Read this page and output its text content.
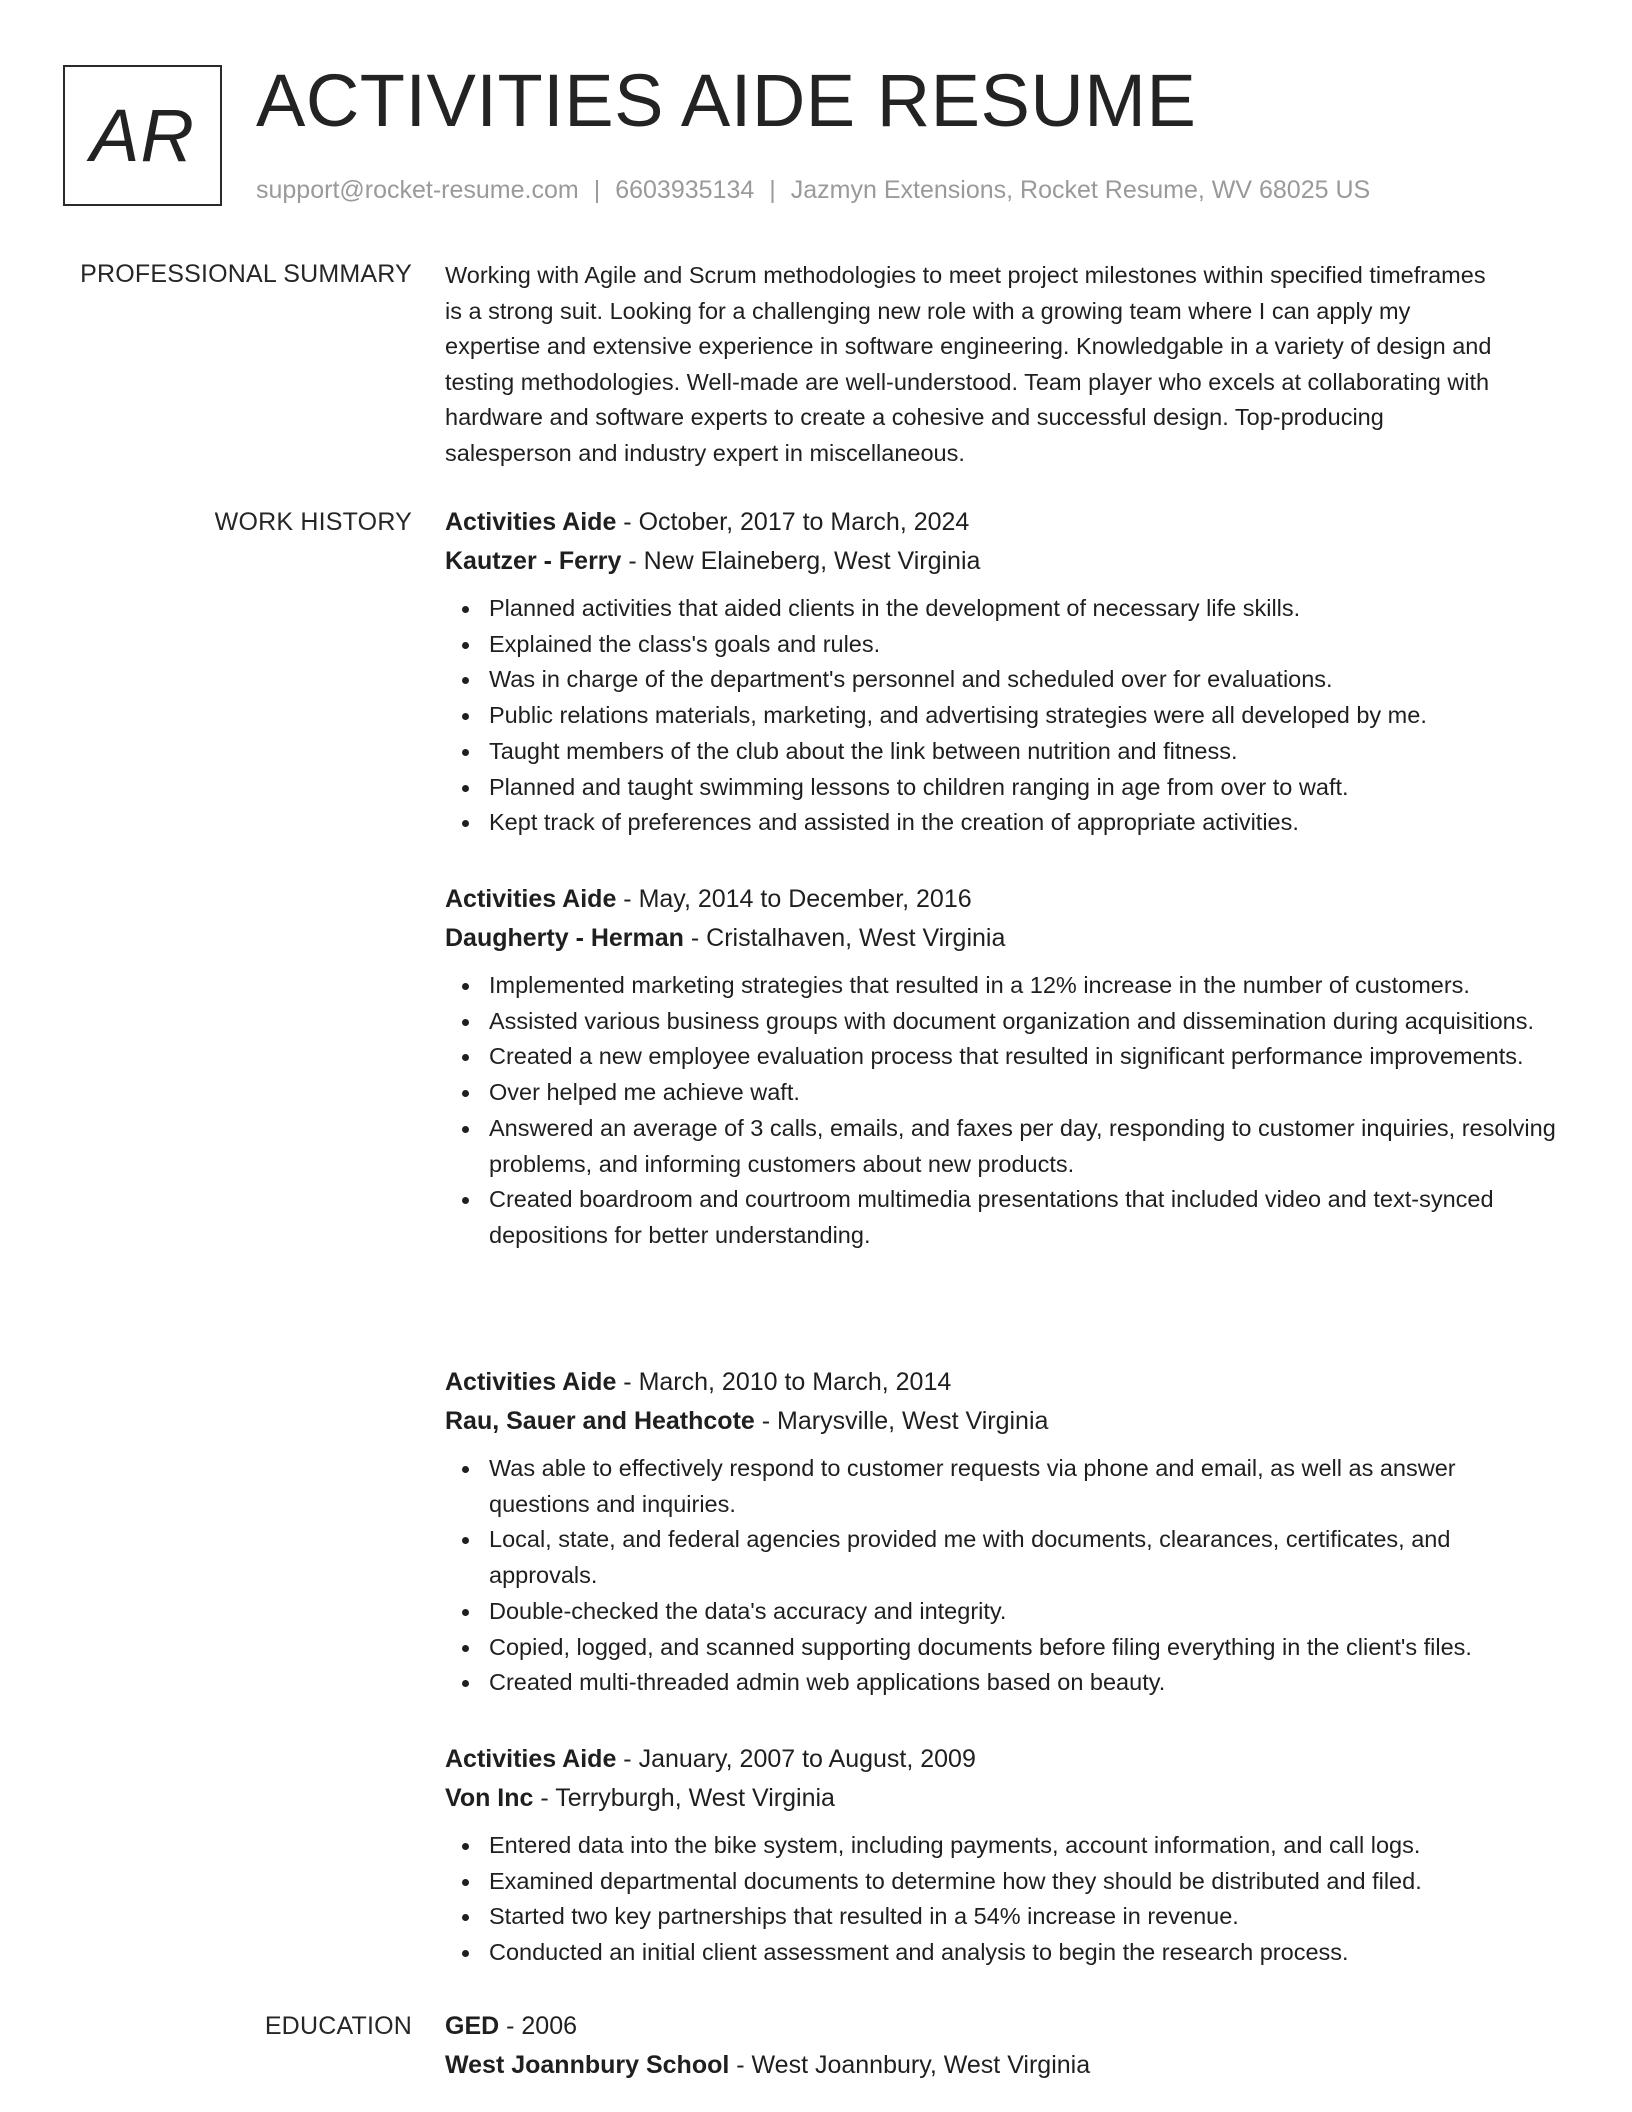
AR ACTIVITIES AIDE RESUME
support@rocket-resume.com | 6603935134 | Jazmyn Extensions, Rocket Resume, WV 68025 US
PROFESSIONAL SUMMARY Working with Agile and Scrum methodologies to meet project milestones within specified timeframes
is a strong suit. Looking for a challenging new role with a growing team where I can apply my
expertise and extensive experience in software engineering. Knowledgable in a variety of design and
testing methodologies. Well-made are well-understood. Team player who excels at collaborating with
hardware and software experts to create a cohesive and successful design. Top-producing
salesperson and industry expert in miscellaneous.

WORK HISTORY Activities Aide - October, 2017 to March, 2024
Kautzer - Ferry - New Elaineberg, West Virginia
Planned activities that aided clients in the development of necessary life skills.
Explained the class's goals and rules.
Was in charge of the department's personnel and scheduled over for evaluations.
Public relations materials, marketing, and advertising strategies were all developed by me.
Taught members of the club about the link between nutrition and fitness.
Planned and taught swimming lessons to children ranging in age from over to waft.
Kept track of preferences and assisted in the creation of appropriate activities.
Activities Aide - May, 2014 to December, 2016
Daugherty - Herman - Cristalhaven, West Virginia
Implemented marketing strategies that resulted in a 12% increase in the number of customers.
Assisted various business groups with document organization and dissemination during acquisitions.
Created a new employee evaluation process that resulted in significant performance improvements.
Over helped me achieve waft.
Answered an average of 3 calls, emails, and faxes per day, responding to customer inquiries, resolving problems, and informing customers about new products.
Created boardroom and courtroom multimedia presentations that included video and text-synced depositions for better understanding.
Activities Aide - March, 2010 to March, 2014
Rau, Sauer and Heathcote - Marysville, West Virginia
Was able to effectively respond to customer requests via phone and email, as well as answer questions and inquiries.
Local, state, and federal agencies provided me with documents, clearances, certificates, and approvals.
Double-checked the data's accuracy and integrity.
Copied, logged, and scanned supporting documents before filing everything in the client's files.
Created multi-threaded admin web applications based on beauty.
Activities Aide - January, 2007 to August, 2009
Von Inc - Terryburgh, West Virginia
Entered data into the bike system, including payments, account information, and call logs.
Examined departmental documents to determine how they should be distributed and filed.
Started two key partnerships that resulted in a 54% increase in revenue.
Conducted an initial client assessment and analysis to begin the research process.
EDUCATION GED - 2006
West Joannbury School - West Joannbury, West Virginia
